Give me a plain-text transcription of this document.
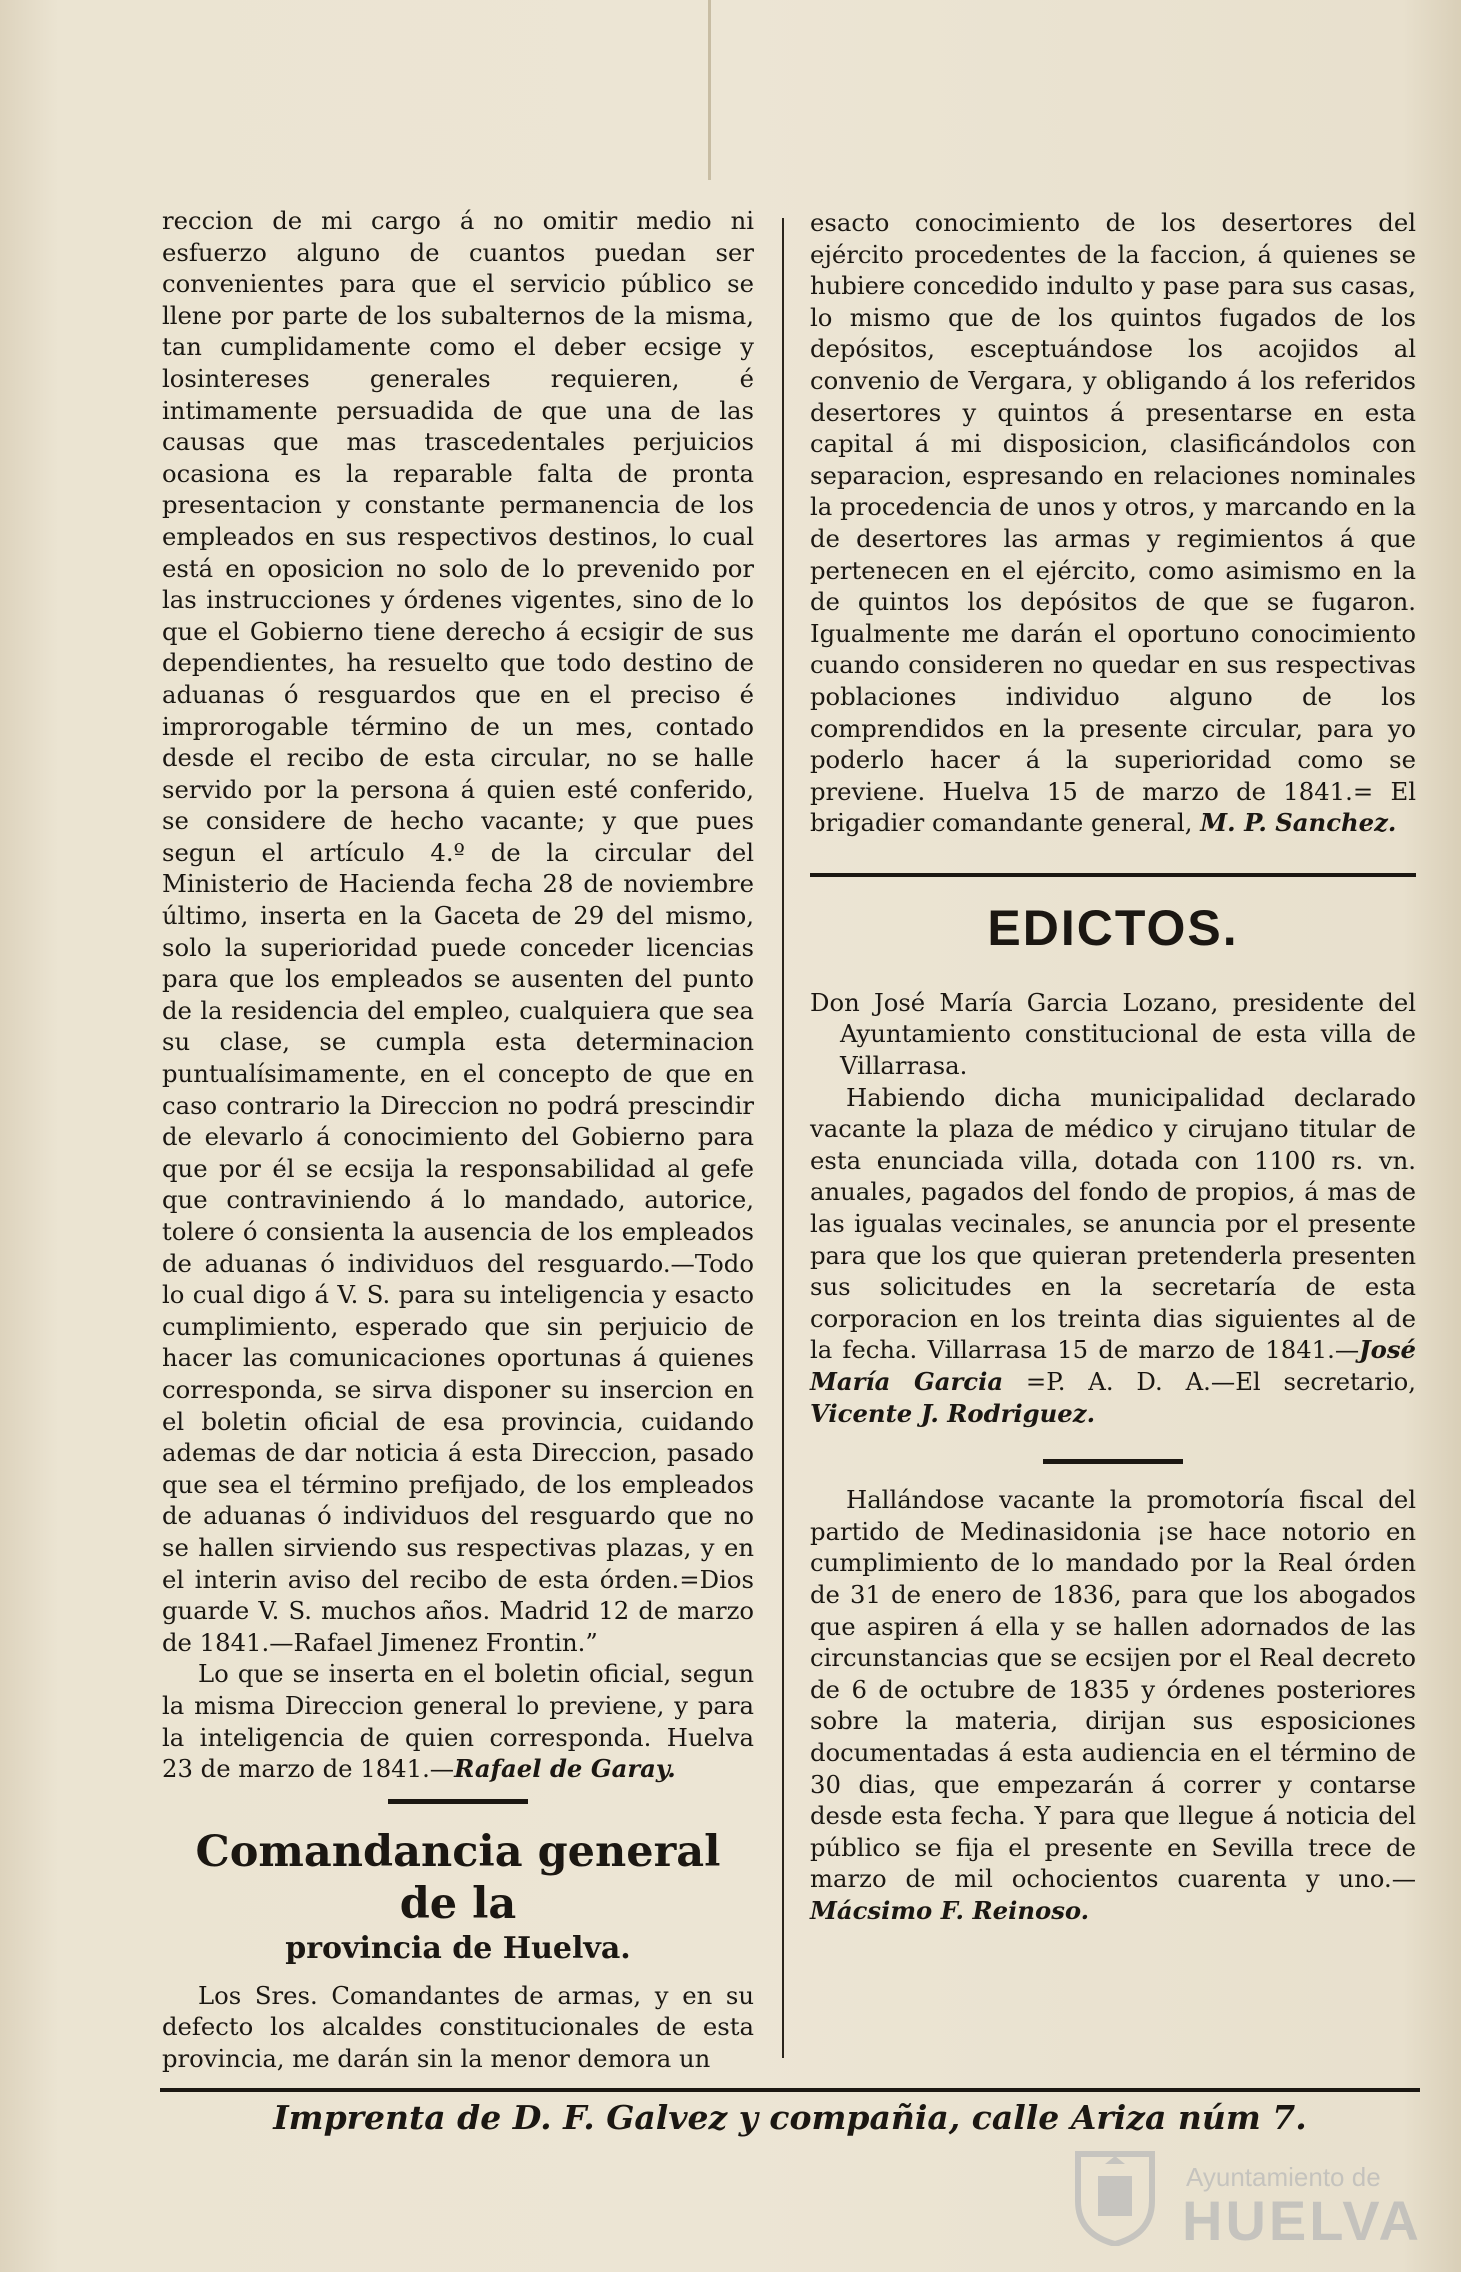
reccion de mi cargo á no omitir medio ni esfuerzo alguno de cuantos puedan ser convenientes para que el servicio público se llene por parte de los subalternos de la misma, tan cumplidamente como el deber ecsige y losintereses generales requieren, é intimamente persuadida de que una de las causas que mas trascedentales perjuicios ocasiona es la reparable falta de pronta presentacion y constante permanencia de los empleados en sus respectivos destinos, lo cual está en oposicion no solo de lo prevenido por las instrucciones y órdenes vigentes, sino de lo que el Gobierno tiene derecho á ecsigir de sus dependientes, ha resuelto que todo destino de aduanas ó resguardos que en el preciso é improrogable término de un mes, contado desde el recibo de esta circular, no se halle servido por la persona á quien esté conferido, se considere de hecho vacante; y que pues segun el artículo 4.º de la circular del Ministerio de Hacienda fecha 28 de noviembre último, inserta en la Gaceta de 29 del mismo, solo la superioridad puede conceder licencias para que los empleados se ausenten del punto de la residencia del empleo, cualquiera que sea su clase, se cumpla esta determinacion puntualísimamente, en el concepto de que en caso contrario la Direccion no podrá prescindir de elevarlo á conocimiento del Gobierno para que por él se ecsija la responsabilidad al gefe que contraviniendo á lo mandado, autorice, tolere ó consienta la ausencia de los empleados de aduanas ó individuos del resguardo.—Todo lo cual digo á V. S. para su inteligencia y esacto cumplimiento, esperado que sin perjuicio de hacer las comunicaciones oportunas á quienes corresponda, se sirva disponer su insercion en el boletin oficial de esa provincia, cuidando ademas de dar noticia á esta Direccion, pasado que sea el término prefijado, de los empleados de aduanas ó individuos del resguardo que no se hallen sirviendo sus respectivas plazas, y en el interin aviso del recibo de esta órden.=Dios guarde V. S. muchos años. Madrid 12 de marzo de 1841.—Rafael Jimenez Frontin.”

Lo que se inserta en el boletin oficial, segun la misma Direccion general lo previene, y para la inteligencia de quien corresponda. Huelva 23 de marzo de 1841.—Rafael de Garay.

Comandancia general de la
provincia de Huelva.

Los Sres. Comandantes de armas, y en su defecto los alcaldes constitucionales de esta provincia, me darán sin la menor demora un

esacto conocimiento de los desertores del ejército procedentes de la faccion, á quienes se hubiere concedido indulto y pase para sus casas, lo mismo que de los quintos fugados de los depósitos, esceptuándose los acojidos al convenio de Vergara, y obligando á los referidos desertores y quintos á presentarse en esta capital á mi disposicion, clasificándolos con separacion, espresando en relaciones nominales la procedencia de unos y otros, y marcando en la de desertores las armas y regimientos á que pertenecen en el ejército, como asimismo en la de quintos los depósitos de que se fugaron. Igualmente me darán el oportuno conocimiento cuando consideren no quedar en sus respectivas poblaciones individuo alguno de los comprendidos en la presente circular, para yo poderlo hacer á la superioridad como se previene. Huelva 15 de marzo de 1841.= El brigadier comandante general, M. P. Sanchez.

EDICTOS.

Don José María Garcia Lozano, presidente del Ayuntamiento constitucional de esta villa de Villarrasa.

Habiendo dicha municipalidad declarado vacante la plaza de médico y cirujano titular de esta enunciada villa, dotada con 1100 rs. vn. anuales, pagados del fondo de propios, á mas de las igualas vecinales, se anuncia por el presente para que los que quieran pretenderla presenten sus solicitudes en la secretaría de esta corporacion en los treinta dias siguientes al de la fecha. Villarrasa 15 de marzo de 1841.—José María Garcia =P. A. D. A.—El secretario, Vicente J. Rodriguez.

Hallándose vacante la promotoría fiscal del partido de Medinasidonia ¡se hace notorio en cumplimiento de lo mandado por la Real órden de 31 de enero de 1836, para que los abogados que aspiren á ella y se hallen adornados de las circunstancias que se ecsijen por el Real decreto de 6 de octubre de 1835 y órdenes posteriores sobre la materia, dirijan sus esposiciones documentadas á esta audiencia en el término de 30 dias, que empezarán á correr y contarse desde esta fecha. Y para que llegue á noticia del público se fija el presente en Sevilla trece de marzo de mil ochocientos cuarenta y uno.—Mácsimo F. Reinoso.

Imprenta de D. F. Galvez y compañia, calle Ariza núm 7.
Ayuntamiento de
HUELVA
